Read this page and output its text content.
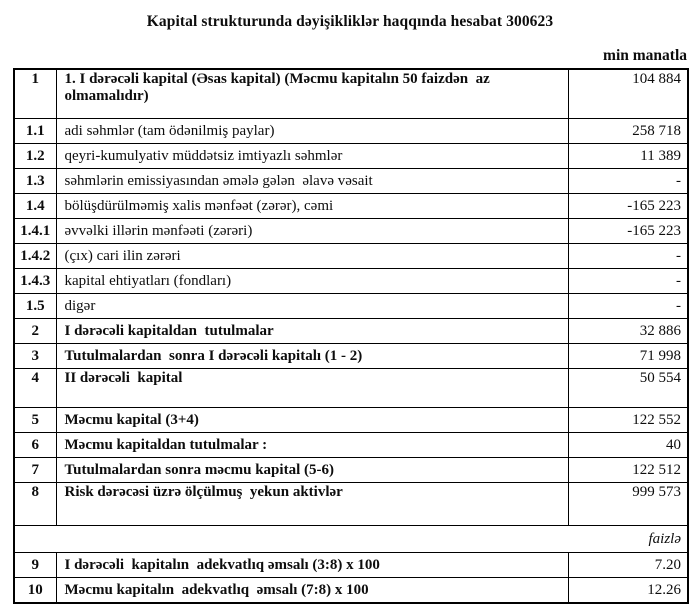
Kapital strukturunda dəyişikliklər haqqında hesabat 300623
min manatla
1	1. I dərəcəli kapital (Əsas kapital) (Məcmu kapitalın 50 faizdən  az olmamalıdır)	104 884
1.1	adi səhmlər (tam ödənilmiş paylar)	258 718
1.2	qeyri-kumulyativ müddətsiz imtiyazlı səhmlər	11 389
1.3	səhmlərin emissiyasından əmələ gələn  əlavə vəsait	-
1.4	bölüşdürülməmiş xalis mənfəət (zərər), cəmi	-165 223
1.4.1	əvvəlki illərin mənfəəti (zərəri)	-165 223
1.4.2	(çıx) cari ilin zərəri	-
1.4.3	kapital ehtiyatları (fondları)	-
1.5	digər	-
2	I dərəcəli kapitaldan  tutulmalar	32 886
3	Tutulmalardan  sonra I dərəcəli kapitalı (1 - 2)	71 998
4	II dərəcəli  kapital	50 554
5	Məcmu kapital (3+4)	122 552
6	Məcmu kapitaldan tutulmalar :	40
7	Tutulmalardan sonra məcmu kapital (5-6)	122 512
8	Risk dərəcəsi üzrə ölçülmuş  yekun aktivlər	999 573
faizlə		
9	I dərəcəli  kapitalın  adekvatlıq əmsalı (3:8) x 100	7.20
10	Məcmu kapitalın  adekvatlıq  əmsalı (7:8) x 100	12.26
